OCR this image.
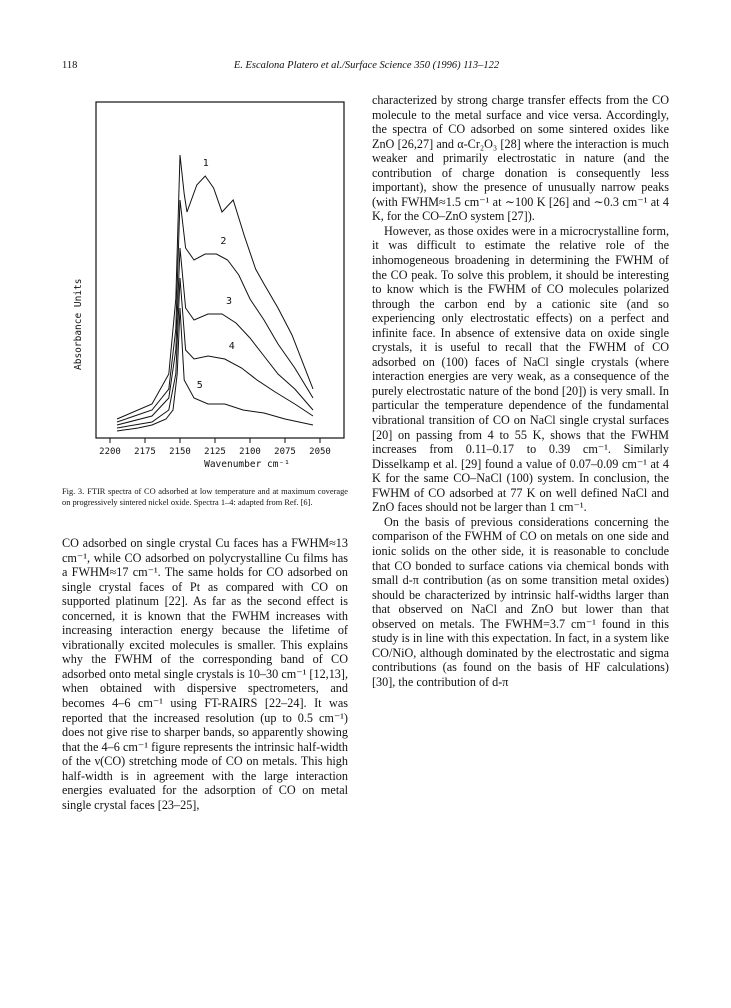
118	E. Escalona Platero et al./Surface Science 350 (1996) 113–122
2200 2175 2150 2125 2100 2075 2050
1
2
3
4
5
Absorbance Units
Wavenumber cm⁻¹
Fig. 3. FTIR spectra of CO adsorbed at low temperature and at maximum coverage on progressively sintered nickel oxide. Spectra 1–4: adapted from Ref. [6].

CO adsorbed on single crystal Cu faces has a FWHM≈13 cm⁻¹, while CO adsorbed on polycrystalline Cu films has a FWHM≈17 cm⁻¹. The same holds for CO adsorbed on single crystal faces of Pt as compared with CO on supported platinum [22]. As far as the second effect is concerned, it is known that the FWHM increases with increasing interaction energy because the lifetime of vibrationally excited molecules is smaller. This explains why the FWHM of the corresponding band of CO adsorbed onto metal single crystals is 10–30 cm⁻¹ [12,13], when obtained with dispersive spectrometers, and becomes 4–6 cm⁻¹ using FT-RAIRS [22–24]. It was reported that the increased resolution (up to 0.5 cm⁻¹) does not give rise to sharper bands, so apparently showing that the 4–6 cm⁻¹ figure represents the intrinsic half-width of the ν(CO) stretching mode of CO on metals. This high half-width is in agreement with the large interaction energies evaluated for the adsorption of CO on metal single crystal faces [23–25],

characterized by strong charge transfer effects from the CO molecule to the metal surface and vice versa. Accordingly, the spectra of CO adsorbed on some sintered oxides like ZnO [26,27] and α-Cr₂O₃ [28] where the interaction is much weaker and primarily electrostatic in nature (and the contribution of charge donation is consequently less important), show the presence of unusually narrow peaks (with FWHM≈1.5 cm⁻¹ at ∼100 K [26] and ∼0.3 cm⁻¹ at 4 K, for the CO–ZnO system [27]).

However, as those oxides were in a microcrystalline form, it was difficult to estimate the relative role of the inhomogeneous broadening in determining the FWHM of the CO peak. To solve this problem, it should be interesting to know which is the FWHM of CO molecules polarized through the carbon end by a cationic site (and so experiencing only electrostatic effects) on a perfect and infinite face. In absence of extensive data on oxide single crystals, it is useful to recall that the FWHM of CO adsorbed on (100) faces of NaCl single crystals (where interaction energies are very weak, as a consequence of the purely electrostatic nature of the bond [20]) is very small. In particular the temperature dependence of the fundamental vibrational transition of CO on NaCl single crystal surfaces [20] on passing from 4 to 55 K, shows that the FWHM increases from 0.11–0.17 to 0.39 cm⁻¹. Similarly Disselkamp et al. [29] found a value of 0.07–0.09 cm⁻¹ at 4 K for the same CO–NaCl (100) system. In conclusion, the FWHM of CO adsorbed at 77 K on well defined NaCl and ZnO faces should not be larger than 1 cm⁻¹.

On the basis of previous considerations concerning the comparison of the FWHM of CO on metals on one side and ionic solids on the other side, it is reasonable to conclude that CO bonded to surface cations via chemical bonds with small d-π contribution (as on some transition metal oxides) should be characterized by intrinsic half-widths larger than that observed on NaCl and ZnO but lower than that observed on metals. The FWHM=3.7 cm⁻¹ found in this study is in line with this expectation. In fact, in a system like CO/NiO, although dominated by the electrostatic and sigma contributions (as found on the basis of HF calculations) [30], the contribution of d-π
